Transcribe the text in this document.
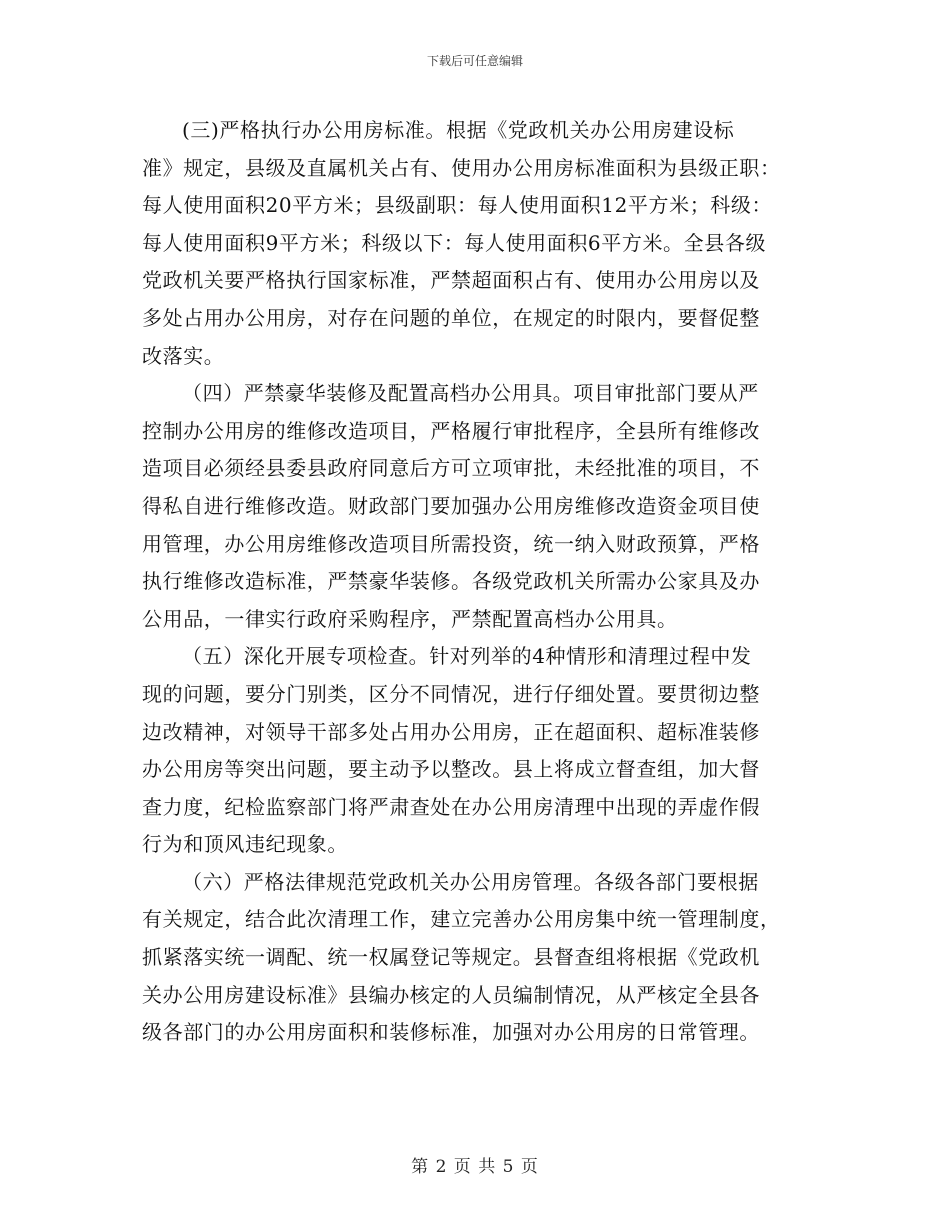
下载后可任意编辑
(三)严格执行办公用房标准。根据《党政机关办公用房建设标
准》规定，县级及直属机关占有、使用办公用房标准面积为县级正职：
每人使用面积20平方米；县级副职：每人使用面积12平方米；科级：
每人使用面积9平方米；科级以下：每人使用面积6平方米。全县各级
党政机关要严格执行国家标准，严禁超面积占有、使用办公用房以及
多处占用办公用房，对存在问题的单位，在规定的时限内，要督促整
改落实。
（四）严禁豪华装修及配置高档办公用具。项目审批部门要从严
控制办公用房的维修改造项目，严格履行审批程序，全县所有维修改
造项目必须经县委县政府同意后方可立项审批，未经批准的项目，不
得私自进行维修改造。财政部门要加强办公用房维修改造资金项目使
用管理，办公用房维修改造项目所需投资，统一纳入财政预算，严格
执行维修改造标准，严禁豪华装修。各级党政机关所需办公家具及办
公用品，一律实行政府采购程序，严禁配置高档办公用具。
（五）深化开展专项检查。针对列举的4种情形和清理过程中发
现的问题，要分门别类，区分不同情况，进行仔细处置。要贯彻边整
边改精神，对领导干部多处占用办公用房，正在超面积、超标准装修
办公用房等突出问题，要主动予以整改。县上将成立督查组，加大督
查力度，纪检监察部门将严肃查处在办公用房清理中出现的弄虚作假
行为和顶风违纪现象。
（六）严格法律规范党政机关办公用房管理。各级各部门要根据
有关规定，结合此次清理工作，建立完善办公用房集中统一管理制度，
抓紧落实统一调配、统一权属登记等规定。县督查组将根据《党政机
关办公用房建设标准》县编办核定的人员编制情况，从严核定全县各
级各部门的办公用房面积和装修标准，加强对办公用房的日常管理。
第 2 页 共 5 页
